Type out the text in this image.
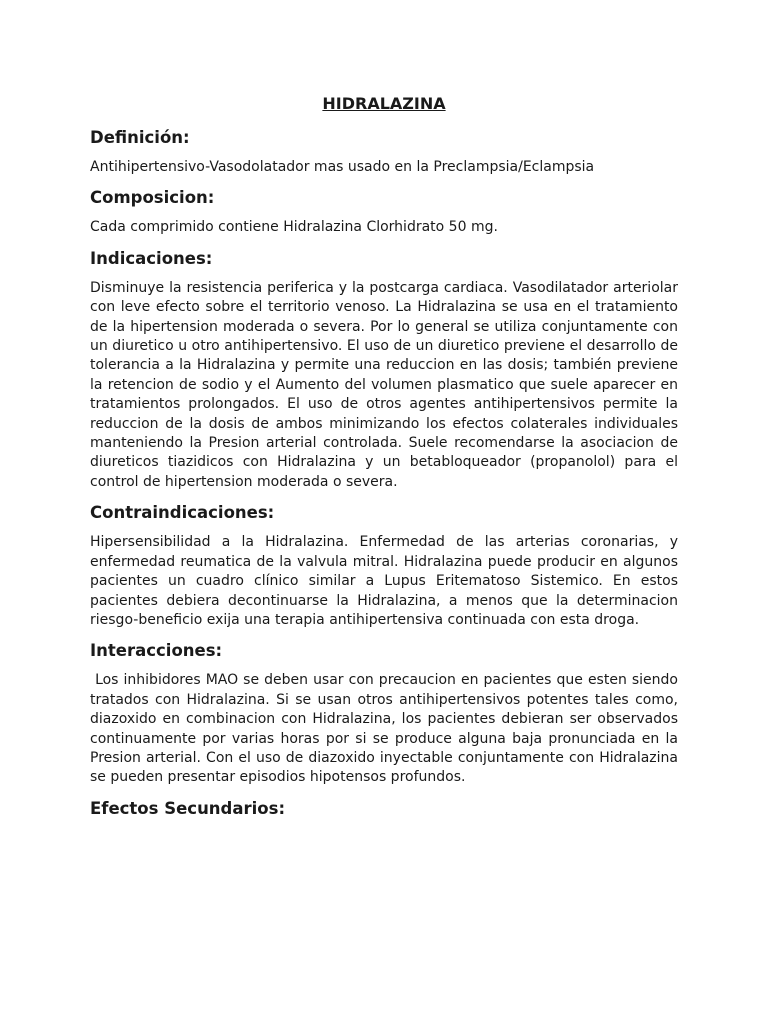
HIDRALAZINA
Definición:
Antihipertensivo-Vasodolatador mas usado en la Preclampsia/Eclampsia
Composicion:
Cada comprimido contiene Hidralazina Clorhidrato 50 mg.
Indicaciones:
Disminuye la resistencia periferica y la postcarga cardiaca. Vasodilatador arteriolar con leve efecto sobre el territorio venoso. La Hidralazina se usa en el tratamiento de la hipertension moderada o severa. Por lo general se utiliza conjuntamente con un diuretico u otro antihipertensivo. El uso de un diuretico previene el desarrollo de tolerancia a la Hidralazina y permite una reduccion en las dosis; también previene la retencion de sodio y el Aumento del volumen plasmatico que suele aparecer en tratamientos prolongados. El uso de otros agentes antihipertensivos permite la reduccion de la dosis de ambos minimizando los efectos colaterales individuales manteniendo la Presion arterial controlada. Suele recomendarse la asociacion de diureticos tiazidicos con Hidralazina y un betabloqueador (propanolol) para el control de hipertension moderada o severa.
Contraindicaciones:
Hipersensibilidad a la Hidralazina. Enfermedad de las arterias coronarias, y enfermedad reumatica de la valvula mitral. Hidralazina puede producir en algunos pacientes un cuadro clínico similar a Lupus Eritematoso Sistemico. En estos pacientes debiera decontinuarse la Hidralazina, a menos que la determinacion riesgo-beneficio exija una terapia antihipertensiva continuada con esta droga.
Interacciones:
Los inhibidores MAO se deben usar con precaucion en pacientes que esten siendo tratados con Hidralazina. Si se usan otros antihipertensivos potentes tales como, diazoxido en combinacion con Hidralazina, los pacientes debieran ser observados continuamente por varias horas por si se produce alguna baja pronunciada en la Presion arterial. Con el uso de diazoxido inyectable conjuntamente con Hidralazina se pueden presentar episodios hipotensos profundos.
Efectos Secundarios:
